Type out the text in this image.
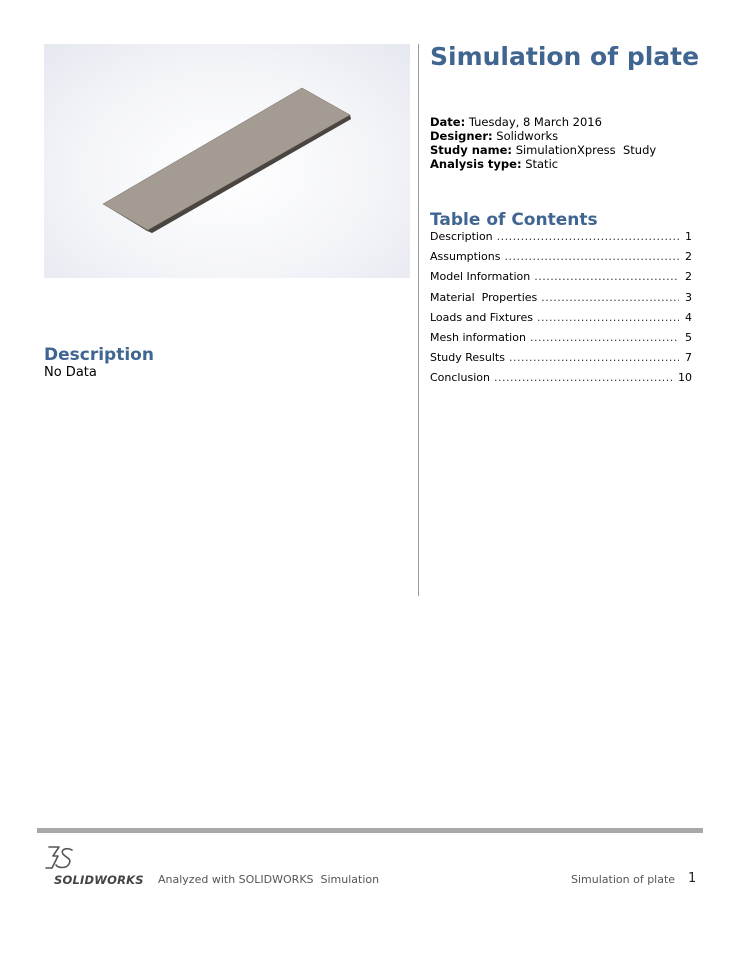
Description
No Data
Simulation of plate
Date: Tuesday, 8 March 2016
Designer: Solidworks
Study name: SimulationXpress  Study
Analysis type: Static
Table of Contents
Description .....	1
Assumptions .....	2
Model Information .....	2
Material  Properties .....	3
Loads and Fixtures .....	4
Mesh information .....	5
Study Results .....	7
Conclusion .....	10
SOLIDWORKS Analyzed with SOLIDWORKS  Simulation	Simulation of plate 1
